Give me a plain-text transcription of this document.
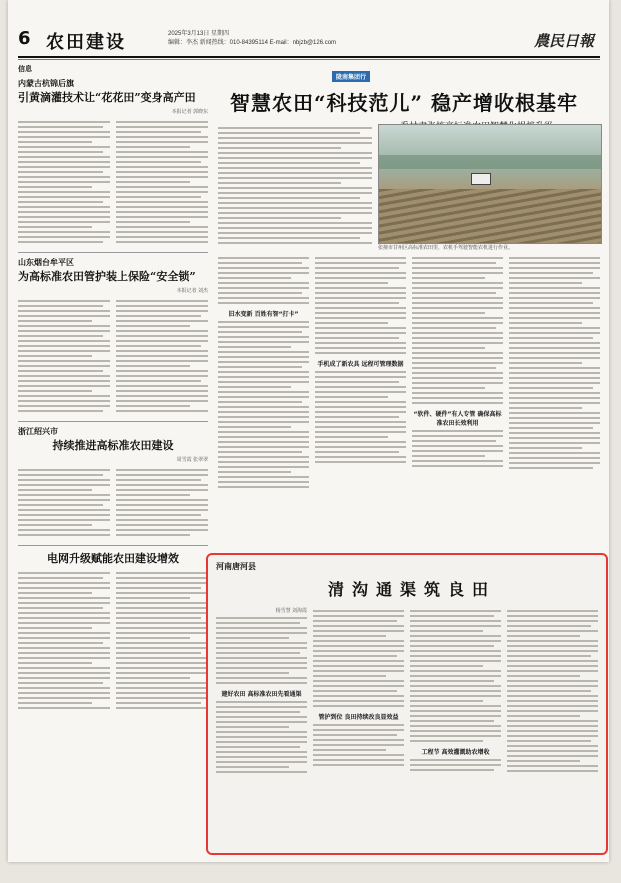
6 农田建设	2025年3月13日 星期四
编辑：李杰 新闻热线：010-84395114 E-mail：nbjzb@126.com	農民日報
信息
内蒙古杭锦后旗
引黄滴灌技术让“花花田”变身高产田
本报记者 郭晓东
山东烟台牟平区
为高标准农田管护装上保险“安全锁”
本报记者 刘杰
浙江绍兴市
持续推进高标准农田建设
周雪霞 张翠翠
电网升级赋能农田建设增效
陇南集团行
智慧农田“科技范儿” 稳产增收根基牢
张掖市甘州区高标准农田里，农机手驾驶智能农机进行作业。
旧水变新 百姓有智“打卡”
手机成了新农具 远程可管理数据
“软件、硬件”有人专管 确保高标准农田长效利用
河南唐河县
清沟通渠筑良田
杨雪慧 刘海霞
建好农田 高标准农田先看通渠
管护到位 良田持续改良显效益
工程节 高效灌溉助农增收
